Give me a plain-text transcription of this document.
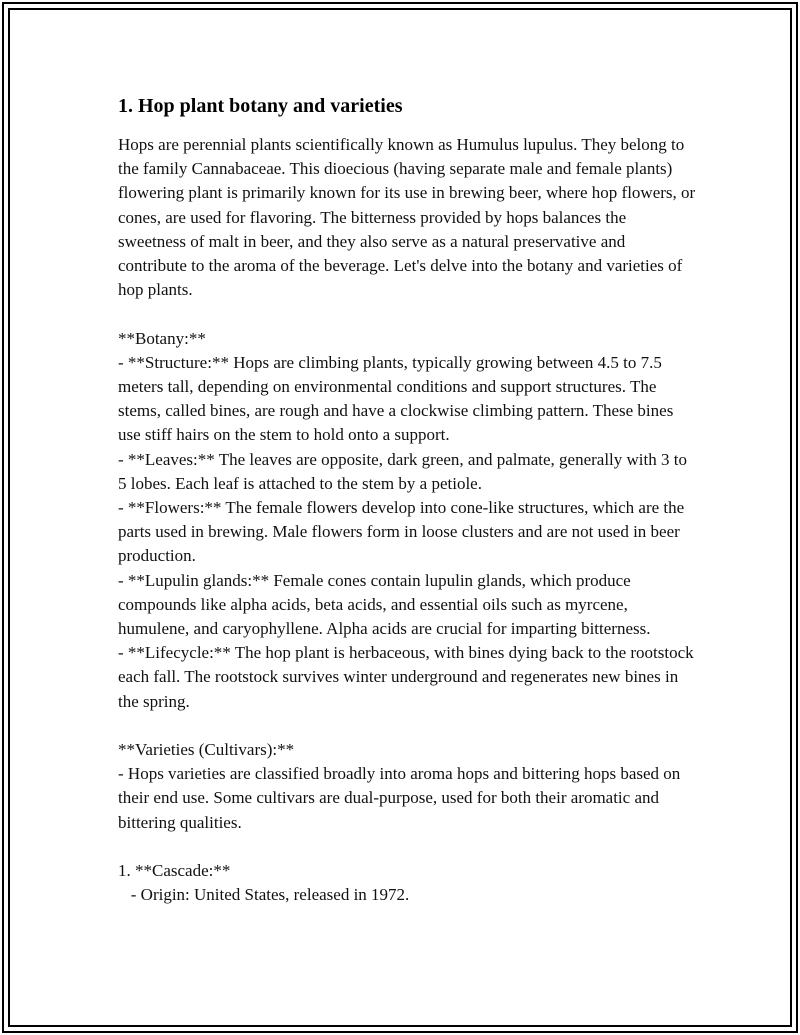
1. Hop plant botany and varieties

Hops are perennial plants scientifically known as Humulus lupulus. They belong to the family Cannabaceae. This dioecious (having separate male and female plants) flowering plant is primarily known for its use in brewing beer, where hop flowers, or cones, are used for flavoring. The bitterness provided by hops balances the sweetness of malt in beer, and they also serve as a natural preservative and contribute to the aroma of the beverage. Let's delve into the botany and varieties of hop plants.

**Botany:**
- **Structure:** Hops are climbing plants, typically growing between 4.5 to 7.5 meters tall, depending on environmental conditions and support structures. The stems, called bines, are rough and have a clockwise climbing pattern. These bines use stiff hairs on the stem to hold onto a support.
- **Leaves:** The leaves are opposite, dark green, and palmate, generally with 3 to 5 lobes. Each leaf is attached to the stem by a petiole.
- **Flowers:** The female flowers develop into cone-like structures, which are the parts used in brewing. Male flowers form in loose clusters and are not used in beer production.
- **Lupulin glands:** Female cones contain lupulin glands, which produce compounds like alpha acids, beta acids, and essential oils such as myrcene, humulene, and caryophyllene. Alpha acids are crucial for imparting bitterness.
- **Lifecycle:** The hop plant is herbaceous, with bines dying back to the rootstock each fall. The rootstock survives winter underground and regenerates new bines in the spring.

**Varieties (Cultivars):**
- Hops varieties are classified broadly into aroma hops and bittering hops based on their end use. Some cultivars are dual-purpose, used for both their aromatic and bittering qualities.

1. **Cascade:**
- Origin: United States, released in 1972.
